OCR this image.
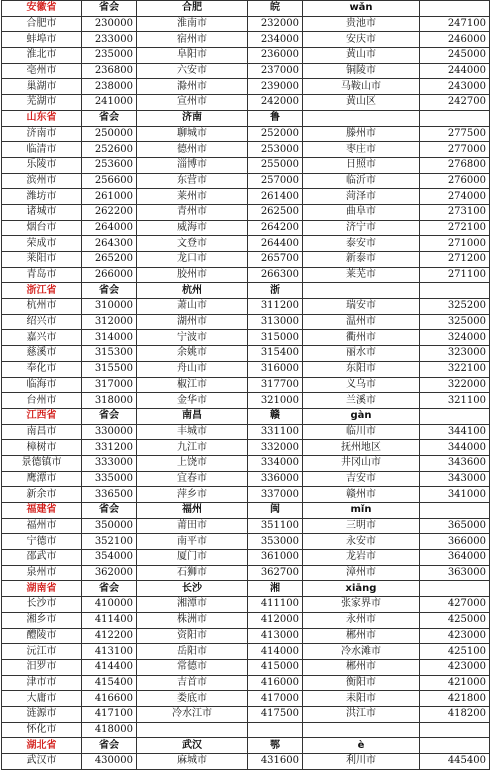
安徽省	省会	合肥	皖	wǎn	
合肥市	230000	淮南市	232000	贵池市	247100
蚌埠市	233000	宿州市	234000	安庆市	246000
淮北市	235000	阜阳市	236000	黄山市	245000
亳州市	236800	六安市	237000	铜陵市	244000
巢湖市	238000	滁州市	239000	马鞍山市	243000
芜湖市	241000	宣州市	242000	黄山区	242700
山东省	省会	济南	鲁		
济南市	250000	聊城市	252000	滕州市	277500
临清市	252600	德州市	253000	枣庄市	277000
乐陵市	253600	淄博市	255000	日照市	276800
滨州市	256600	东营市	257000	临沂市	276000
潍坊市	261000	莱州市	261400	菏泽市	274000
诸城市	262200	青州市	262500	曲阜市	273100
烟台市	264000	威海市	264200	济宁市	272100
荣成市	264300	文登市	264400	泰安市	271000
莱阳市	265200	龙口市	265700	新泰市	271200
青岛市	266000	胶州市	266300	莱芜市	271100
浙江省	省会	杭州	浙		
杭州市	310000	萧山市	311200	瑞安市	325200
绍兴市	312000	湖州市	313000	温州市	325000
嘉兴市	314000	宁波市	315000	衢州市	324000
慈溪市	315300	余姚市	315400	丽水市	323000
奉化市	315500	舟山市	316000	东阳市	322100
临海市	317000	椒江市	317700	义乌市	322000
台州市	318000	金华市	321000	兰溪市	321100
江西省	省会	南昌	赣	gàn	
南昌市	330000	丰城市	331100	临川市	344100
樟树市	331200	九江市	332000	抚州地区	344000
景德镇市	333000	上饶市	334000	井冈山市	343600
鹰潭市	335000	宜春市	336000	吉安市	343000
新余市	336500	萍乡市	337000	赣州市	341000
福建省	省会	福州	闽	mǐn	
福州市	350000	莆田市	351100	三明市	365000
宁德市	352100	南平市	353000	永安市	366000
邵武市	354000	厦门市	361000	龙岩市	364000
泉州市	362000	石狮市	362700	漳州市	363000
湖南省	省会	长沙	湘	xiāng	
长沙市	410000	湘潭市	411100	张家界市	427000
湘乡市	411400	株洲市	412000	永州市	425000
醴陵市	412200	资阳市	413000	郴州市	423000
沅江市	413100	岳阳市	414000	冷水滩市	425100
汨罗市	414400	常德市	415000	郴州市	423000
津市市	415400	吉首市	416000	衡阳市	421000
大庸市	416600	娄底市	417000	耒阳市	421800
涟源市	417100	冷水江市	417500	洪江市	418200
怀化市	418000				
湖北省	省会	武汉	鄂	è	
武汉市	430000	麻城市	431600	利川市	445400
